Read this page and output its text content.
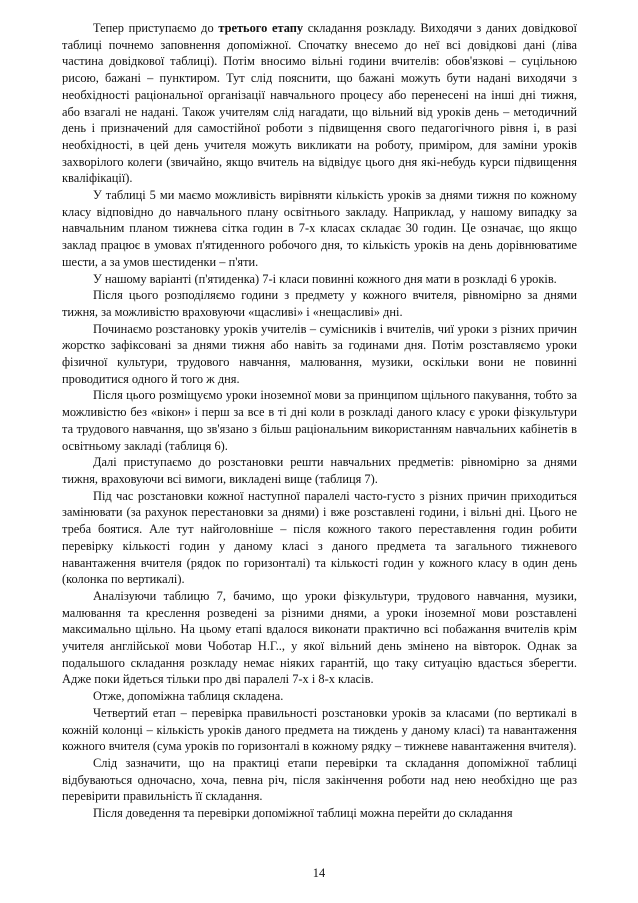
Тепер приступаємо до третього етапу складання розкладу. Виходячи з даних довідкової таблиці почнемо заповнення допоміжної. Спочатку внесемо до неї всі довідкові дані (ліва частина довідкової таблиці). Потім вносимо вільні години вчителів: обов'язкові – суцільною рисою, бажані – пунктиром. Тут слід пояснити, що бажані можуть бути надані виходячи з необхідності раціональної організації навчального процесу або перенесені на інші дні тижня, або взагалі не надані. Також учителям слід нагадати, що вільний від уроків день – методичний день і призначений для самостійної роботи з підвищення свого педагогічного рівня і, в разі необхідності, в цей день учителя можуть викликати на роботу, приміром, для заміни уроків захворілого колеги (звичайно, якщо вчитель на відвідує цього дня які-небудь курси підвищення кваліфікації).

У таблиці 5 ми маємо можливість вирівняти кількість уроків за днями тижня по кожному класу відповідно до навчального плану освітнього закладу. Наприклад, у нашому випадку за навчальним планом тижнева сітка годин в 7-х класах складає 30 годин. Це означає, що якщо заклад працює в умовах п'ятиденного робочого дня, то кількість уроків на день дорівнюватиме шести, а за умов шестиденки – п'яти.

У нашому варіанті (п'ятиденка) 7-і класи повинні кожного дня мати в розкладі 6 уроків.

Після цього розподіляємо години з предмету у кожного вчителя, рівномірно за днями тижня, за можливістю враховуючи «щасливі» і «нещасливі» дні.

Починаємо розстановку уроків учителів – сумісників і вчителів, чиї уроки з різних причин жорстко зафіксовані за днями тижня або навіть за годинами дня. Потім розставляємо уроки фізичної культури, трудового навчання, малювання, музики, оскільки вони не повинні проводитися одного й того ж дня.

Після цього розміщуємо уроки іноземної мови за принципом щільного пакування, тобто за можливістю без «вікон» і перш за все в ті дні коли в розкладі даного класу є уроки фізкультури та трудового навчання, що зв'язано з більш раціональним використанням навчальних кабінетів в освітньому закладі (таблиця 6).

Далі приступаємо до розстановки решти навчальних предметів: рівномірно за днями тижня, враховуючи всі вимоги, викладені вище (таблиця 7).

Під час розстановки кожної наступної паралелі часто-густо з різних причин приходиться замінювати (за рахунок перестановки за днями) і вже розставлені години, і вільні дні. Цього не треба боятися. Але тут найголовніше – після кожного такого переставлення годин робити перевірку кількості годин у даному класі з даного предмета та загального тижневого навантаження вчителя (рядок по горизонталі) та кількості годин у кожного класу в один день (колонка по вертикалі).

Аналізуючи таблицю 7, бачимо, що уроки фізкультури, трудового навчання, музики, малювання та креслення розведені за різними днями, а уроки іноземної мови розставлені максимально щільно. На цьому етапі вдалося виконати практично всі побажання вчителів крім учителя англійської мови Чоботар Н.Г.., у якої вільний день змінено на вівторок. Однак за подальшого складання розкладу немає ніяких гарантій, що таку ситуацію вдасться зберегти. Адже поки йдеться тільки про дві паралелі 7-х і 8-х класів.

Отже, допоміжна таблиця складена.

Четвертий етап – перевірка правильності розстановки уроків за класами (по вертикалі в кожній колонці – кількість уроків даного предмета на тиждень у даному класі) та навантаження кожного вчителя (сума уроків по горизонталі в кожному рядку – тижневе навантаження вчителя).

Слід зазначити, що на практиці етапи перевірки та складання допоміжної таблиці відбуваються одночасно, хоча, певна річ, після закінчення роботи над нею необхідно ще раз перевірити правильність її складання.

Після доведення та перевірки допоміжної таблиці можна перейти до складання

14
